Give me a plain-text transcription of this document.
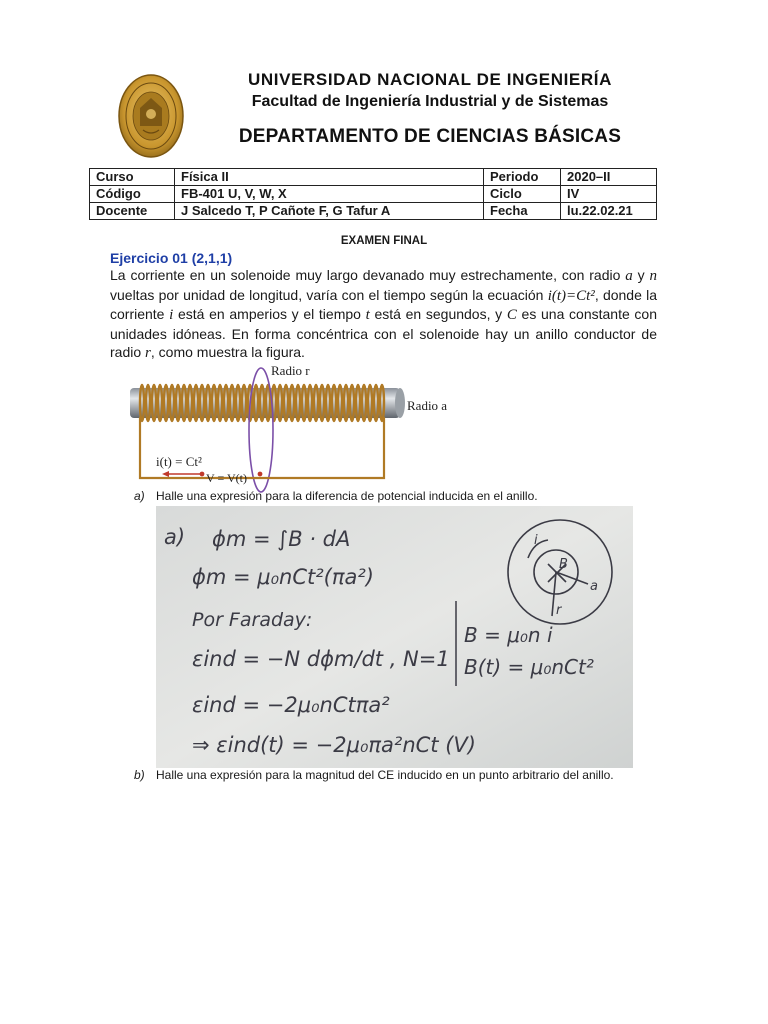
UNIVERSIDAD NACIONAL DE INGENIERÍA
Facultad de Ingeniería Industrial y de Sistemas
DEPARTAMENTO DE CIENCIAS BÁSICAS
Curso	Física II	Periodo	2020–II
Código	FB-401 U, V, W, X	Ciclo	IV
Docente	J Salcedo T, P Cañote F, G Tafur A	Fecha	lu.22.02.21
EXAMEN FINAL
Ejercicio 01 (2,1,1)

La corriente en un solenoide muy largo devanado muy estrechamente, con radio a y n vueltas por unidad de longitud, varía con el tiempo según la ecuación i(t)=Ct², donde la corriente i está en amperios y el tiempo t está en segundos, y C es una constante con unidades idóneas. En forma concéntrica con el solenoide hay un anillo conductor de radio r, como muestra la figura.

Radio r
Radio a
i(t) = Ct²
V = V(t)
a) Halle una expresión para la diferencia de potencial inducida en el anillo.
a) ϕm = ∫B · dA
ϕm = μ₀nCt²(πa²)
Por Faraday:
εind = −N dϕm/dt , N=1
εind = −2μ₀nCtπa²
⇒ εind(t) = −2μ₀πa²nCt (V)
B = μ₀n i
B(t) = μ₀nCt²
i
B
a
r
b) Halle una expresión para la magnitud del CE inducido en un punto arbitrario del anillo.
